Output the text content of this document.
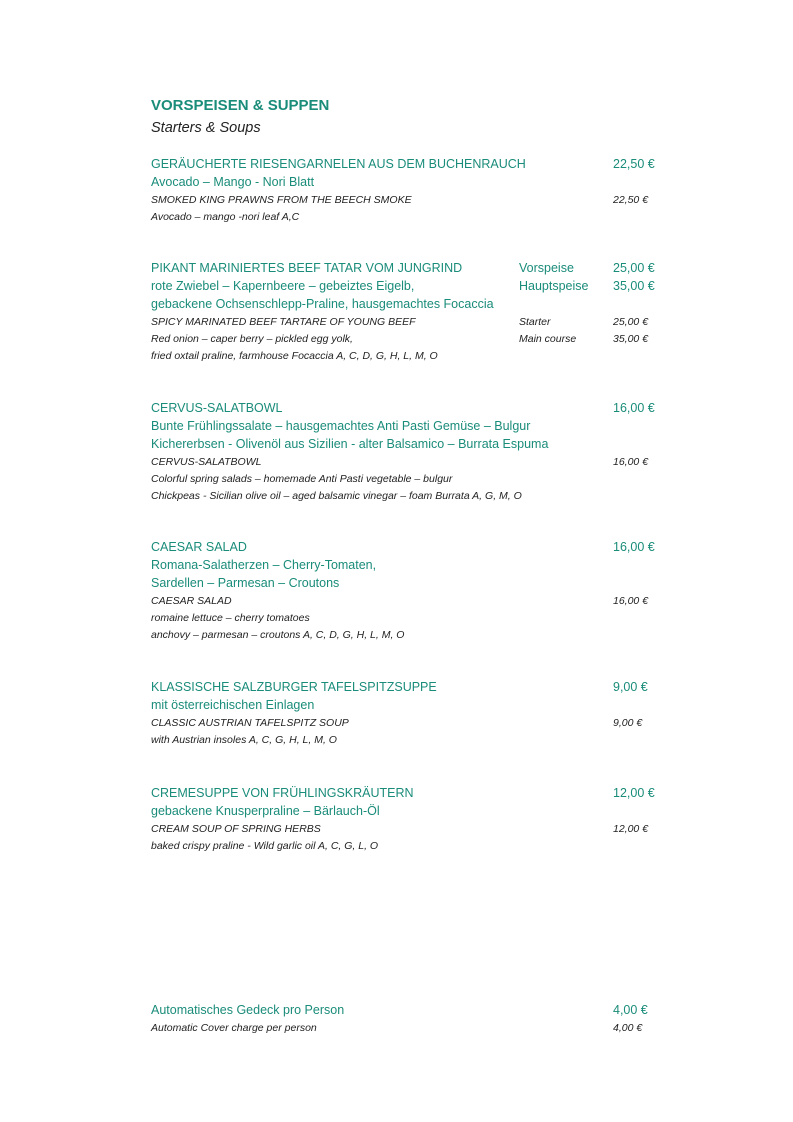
VORSPEISEN & SUPPEN
Starters & Soups
GERÄUCHERTE RIESENGARNELEN AUS DEM BUCHENRAUCH	22,50 €
Avocado – Mango - Nori Blatt
SMOKED KING PRAWNS FROM THE BEECH SMOKE	22,50 €
Avocado – mango -nori leaf A,C
PIKANT MARINIERTES BEEF TATAR VOM JUNGRIND	Vorspeise	25,00 €
rote Zwiebel – Kapernbeere – gebeiztes Eigelb,	Hauptspeise 35,00 €
gebackene Ochsenschlepp-Praline, hausgemachtes Focaccia
SPICY MARINATED BEEF TARTARE OF YOUNG BEEF	Starter	25,00 €
Red onion – caper berry – pickled egg yolk,	Main course	35,00 €
fried oxtail praline, farmhouse Focaccia A, C, D, G, H, L, M, O
CERVUS-SALATBOWL	16,00 €
Bunte Frühlingssalate – hausgemachtes Anti Pasti Gemüse – Bulgur
Kichererbsen - Olivenöl aus Sizilien - alter Balsamico – Burrata Espuma
CERVUS-SALATBOWL	16,00 €
Colorful spring salads – homemade Anti Pasti vegetable – bulgur
Chickpeas - Sicilian olive oil – aged balsamic vinegar – foam Burrata A, G, M, O
CAESAR SALAD	16,00 €
Romana-Salatherzen – Cherry-Tomaten,
Sardellen – Parmesan – Croutons
CAESAR SALAD	16,00 €
romaine lettuce – cherry tomatoes
anchovy – parmesan – croutons A, C, D, G, H, L, M, O
KLASSISCHE SALZBURGER TAFELSPITZSUPPE	9,00 €
mit österreichischen Einlagen
CLASSIC AUSTRIAN TAFELSPITZ SOUP	9,00 €
with Austrian insoles A, C, G, H, L, M, O
CREMESUPPE VON FRÜHLINGSKRÄUTERN	12,00 €
gebackene Knusperpraline – Bärlauch-Öl
CREAM SOUP OF SPRING HERBS	12,00 €
baked crispy praline - Wild garlic oil A, C, G, L, O
Automatisches Gedeck pro Person	4,00 €
Automatic Cover charge per person	4,00 €
